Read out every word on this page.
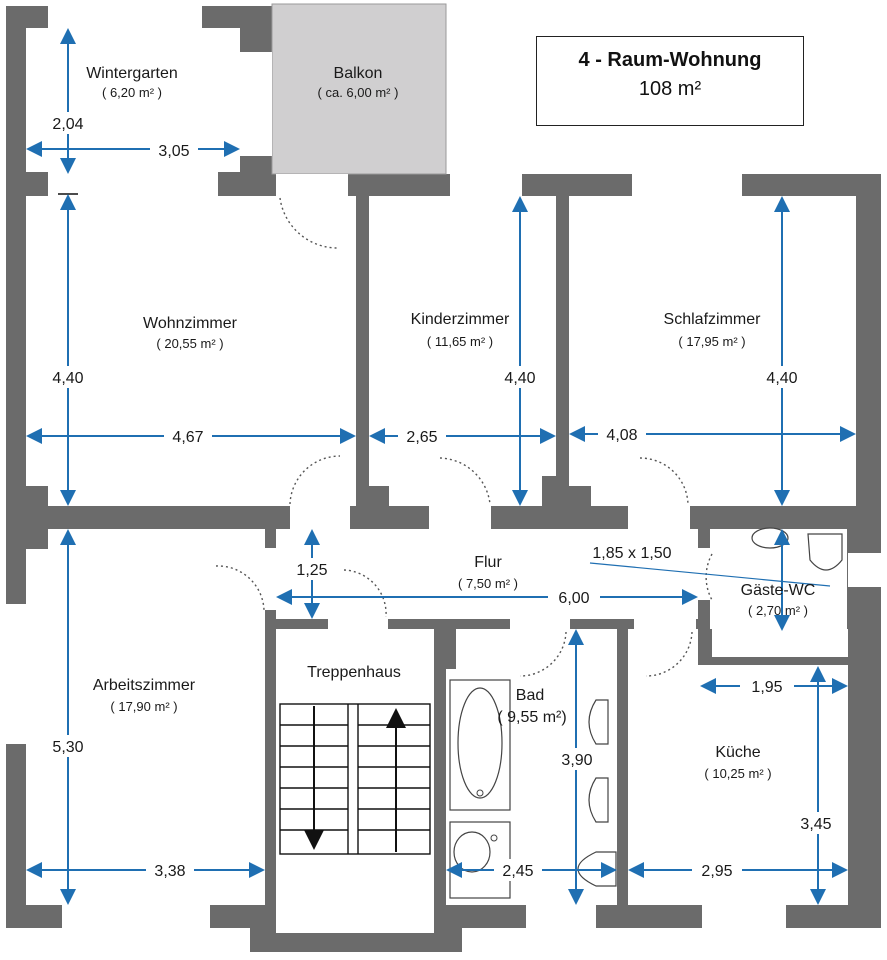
Wintergarten
( 6,20 m² )
Balkon
( ca. 6,00 m² )
Wohnzimmer
( 20,55 m² )
Kinderzimmer
( 11,65 m² )
Schlafzimmer
( 17,95 m² )
Flur
( 7,50 m² )	Gäste-WC
( 2,70 m² )
Arbeitszimmer
( 17,90 m² )
Treppenhaus
Bad
( 9,55 m²)
Küche
( 10,25 m² )
2,04
3,05
4,40
4,67
4,40
2,65
4,40
4,08
1,25
6,00
1,85 x 1,50
5,30
3,38
3,90
2,45
1,95
3,45
2,95
4 - Raum-Wohnung
108 m²
